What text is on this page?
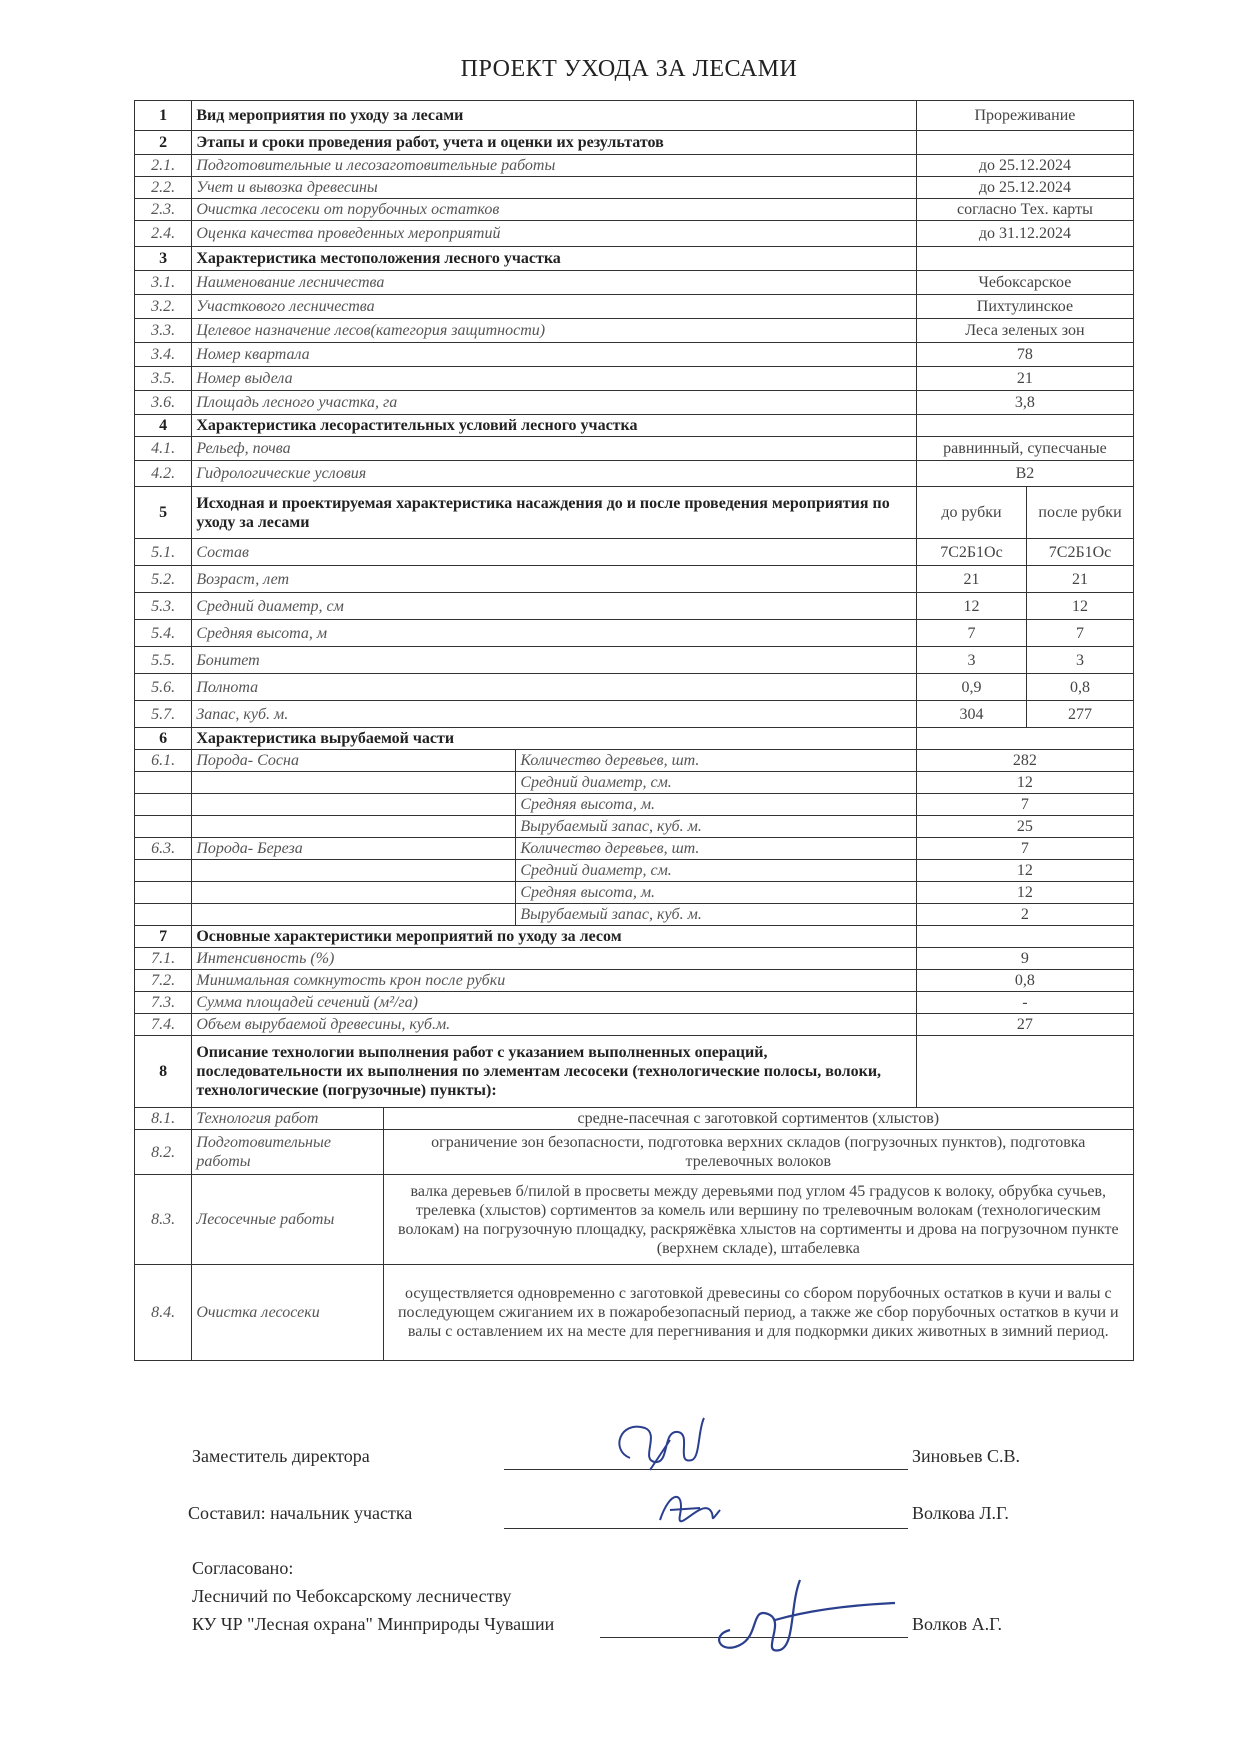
ПРОЕКТ УХОДА ЗА ЛЕСАМИ
1	Вид мероприятия по уходу за лесами			Прореживание	
2	Этапы и сроки проведения работ, учета и оценки их результатов				
2.1.	Подготовительные и лесозаготовительные работы			до 25.12.2024	
2.2.	Учет и вывозка древесины			до 25.12.2024	
2.3.	Очистка лесосеки от порубочных остатков			согласно Тех. карты	
2.4.	Оценка качества проведенных мероприятий			до 31.12.2024	
3	Характеристика местоположения лесного участка				
3.1.	Наименование лесничества			Чебоксарское	
3.2.	Участкового лесничества			Пихтулинское	
3.3.	Целевое назначение лесов(категория защитности)			Леса зеленых зон	
3.4.	Номер квартала			78	
3.5.	Номер выдела			21	
3.6.	Площадь лесного участка, га			3,8	
4	Характеристика лесорастительных условий лесного участка				
4.1.	Рельеф, почва			равнинный, супесчаные	
4.2.	Гидрологические условия			B2	
5	Исходная и проектируемая характеристика насаждения до и после проведения мероприятия по уходу за лесами			до рубки	после рубки
5.1.	Состав			7С2Б1Ос	7С2Б1Ос
5.2.	Возраст, лет			21	21
5.3.	Средний диаметр, см			12	12
5.4.	Средняя высота, м			7	7
5.5.	Бонитет			3	3
5.6.	Полнота			0,9	0,8
5.7.	Запас, куб. м.			304	277
6	Характеристика вырубаемой части				
6.1.	Порода- Сосна		Количество деревьев, шт.	282	
			Средний диаметр, см.	12	
			Средняя высота, м.	7	
			Вырубаемый запас, куб. м.	25	
6.3.	Порода- Береза		Количество деревьев, шт.	7	
			Средний диаметр, см.	12	
			Средняя высота, м.	12	
			Вырубаемый запас, куб. м.	2	
7	Основные характеристики мероприятий по уходу за лесом				
7.1.	Интенсивность (%)			9	
7.2.	Минимальная сомкнутость крон после рубки			0,8	
7.3.	Сумма площадей сечений (м²/га)			-	
7.4.	Объем вырубаемой древесины, куб.м.			27	
8	Описание технологии выполнения работ с указанием выполненных операций, последовательности их выполнения по элементам лесосеки (технологические полосы, волоки, технологические (погрузочные) пункты):				
8.1.	Технология работ	средне-пасечная с заготовкой сортиментов (хлыстов)			
8.2.	Подготовительные работы	ограничение зон безопасности, подготовка верхних складов (погрузочных пунктов), подготовка трелевочных волоков			
8.3.	Лесосечные работы	валка деревьев б/пилой в просветы между деревьями под углом 45 градусов к волоку, обрубка сучьев, трелевка (хлыстов) сортиментов за комель или вершину по трелевочным волокам (технологическим волокам) на погрузочную площадку, раскряжёвка хлыстов на сортименты и дрова на погрузочном пункте (верхнем складе), штабелевка			
8.4.	Очистка лесосеки	осуществляется одновременно с заготовкой древесины со сбором порубочных остатков в кучи и валы с последующем сжиганием их в пожаробезопасный период, а также же сбор порубочных остатков в кучи и валы с оставлением их на месте для перегнивания и для подкормки диких животных в зимний период.			
Заместитель директора	Зиновьев С.В.
Составил: начальник участка	Волкова Л.Г.
Согласовано:
Лесничий по Чебоксарскому лесничеству
КУ ЧР "Лесная охрана" Минприроды Чувашии	Волков А.Г.
